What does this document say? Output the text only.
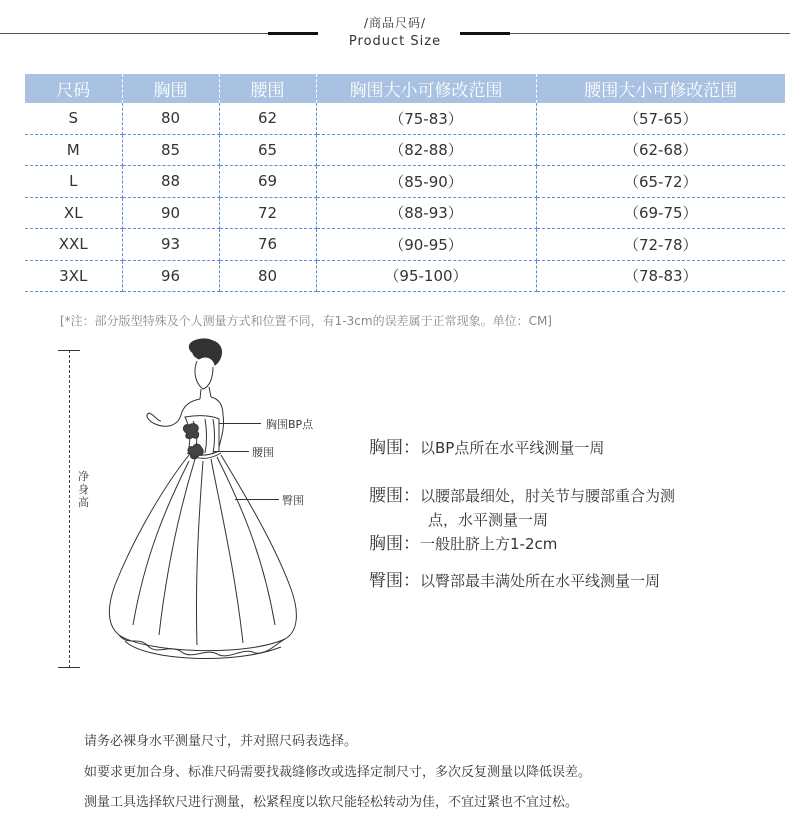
/商品尺码/
Product Size
尺码	胸围	腰围	胸围大小可修改范围	腰围大小可修改范围
S	80	62	（75-83）	（57-65）
M	85	65	（82-88）	（62-68）
L	88	69	（85-90）	（65-72）
XL	90	72	（88-93）	（69-75）
XXL	93	76	（90-95）	（72-78）
3XL	96	80	（95-100）	（78-83）
[*注：部分版型特殊及个人测量方式和位置不同，有1-3cm的误差属于正常现象。单位：CM]
净身高
胸围BP点
腰围
臀围
胸围：以BP点所在水平线测量一周
腰围：以腰部最细处，肘关节与腰部重合为测
点，水平测量一周
胸围：一般肚脐上方1-2cm
臀围：以臀部最丰满处所在水平线测量一周
请务必裸身水平测量尺寸，并对照尺码表选择。
如要求更加合身、标准尺码需要找裁缝修改或选择定制尺寸，多次反复测量以降低误差。
测量工具选择软尺进行测量，松紧程度以软尺能轻松转动为佳，不宜过紧也不宜过松。
